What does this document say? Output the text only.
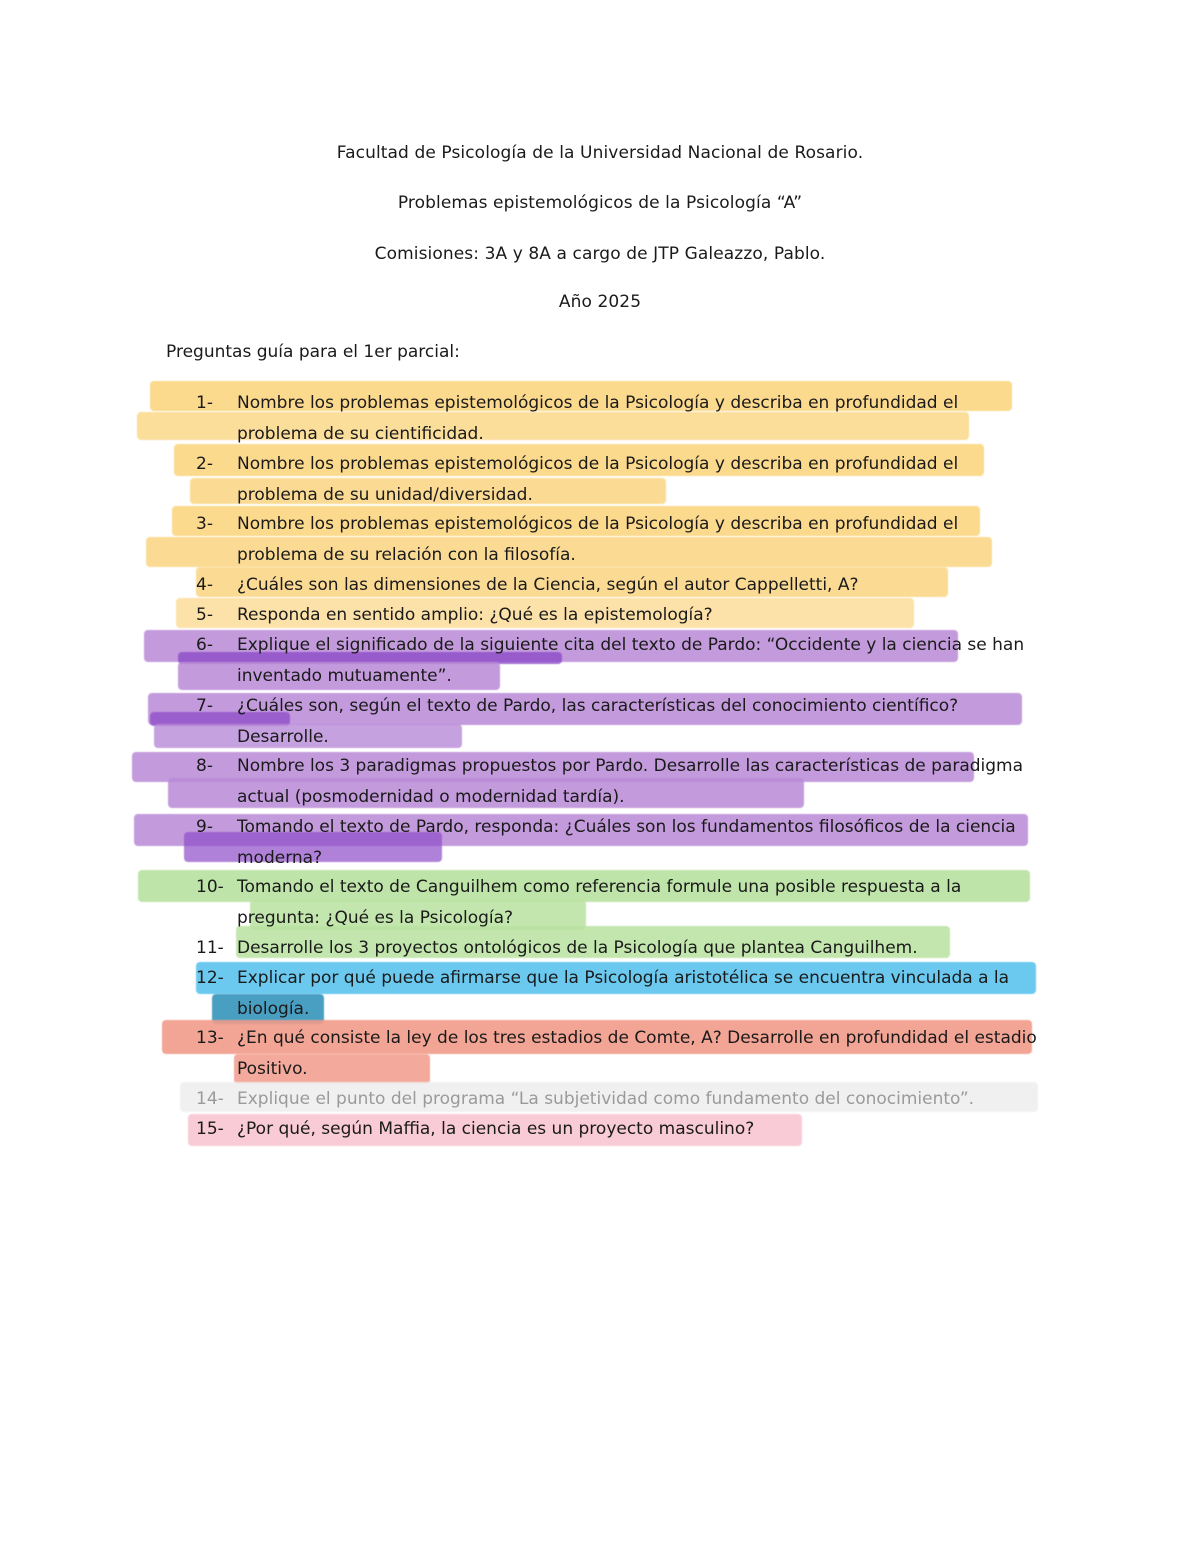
Facultad de Psicología de la Universidad Nacional de Rosario.
Problemas epistemológicos de la Psicología “A”
Comisiones: 3A y 8A a cargo de JTP Galeazzo, Pablo.
Año 2025
Preguntas guía para el 1er parcial:
1-	Nombre los problemas epistemológicos de la Psicología y describa en profundidad el problema de su cientificidad.
2-	Nombre los problemas epistemológicos de la Psicología y describa en profundidad el problema de su unidad/diversidad.
3-	Nombre los problemas epistemológicos de la Psicología y describa en profundidad el problema de su relación con la filosofía.
4-	¿Cuáles son las dimensiones de la Ciencia, según el autor Cappelletti, A?
5-	Responda en sentido amplio: ¿Qué es la epistemología?
6-	Explique el significado de la siguiente cita del texto de Pardo: “Occidente y la ciencia se han inventado mutuamente”.
7-	¿Cuáles son, según el texto de Pardo, las características del conocimiento científico? Desarrolle.
8-	Nombre los 3 paradigmas propuestos por Pardo. Desarrolle las características de paradigma actual (posmodernidad o modernidad tardía).
9-	Tomando el texto de Pardo, responda: ¿Cuáles son los fundamentos filosóficos de la ciencia moderna?
10- Tomando el texto de Canguilhem como referencia formule una posible respuesta a la pregunta: ¿Qué es la Psicología?
11- Desarrolle los 3 proyectos ontológicos de la Psicología que plantea Canguilhem.
12- Explicar por qué puede afirmarse que la Psicología aristotélica se encuentra vinculada a la biología.
13- ¿En qué consiste la ley de los tres estadios de Comte, A? Desarrolle en profundidad el estadio Positivo.
14- Explique el punto del programa “La subjetividad como fundamento del conocimiento”.
15- ¿Por qué, según Maffia, la ciencia es un proyecto masculino?
